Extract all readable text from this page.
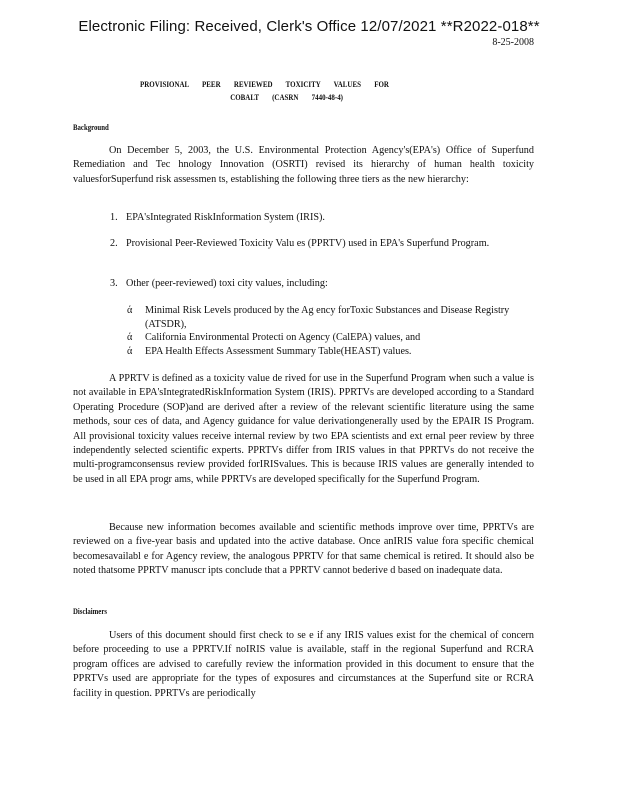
Electronic Filing: Received, Clerk's Office 12/07/2021 **R2022-018**
8-25-2008
PROVISIONAL PEER REVIEWED TOXICITY VALUES FOR
COBALT (CASRN 7440-48-4)
Background

On December 5, 2003, the U.S. Environmental Protection Agency's(EPA's) Office of Superfund Remediation and Tec hnology Innovation (OSRTI) revised its hierarchy of human health toxicity valuesforSuperfund risk assessmen ts, establishing the following three tiers as the new hierarchy:

1. EPA'sIntegrated RiskInformation System (IRIS).
2. Provisional Peer-Reviewed Toxicity Valu es (PPRTV) used in EPA's Superfund Program.
3. Other (peer-reviewed) toxi city values, including:
ά Minimal Risk Levels produced by the Ag ency forToxic Substances and Disease Registry (ATSDR),
ά California Environmental Protecti on Agency (CalEPA) values, and
ά EPA Health Effects Assessment Summary Table(HEAST) values.

A PPRTV is defined as a toxicity value de rived for use in the Superfund Program when such a value is not available in EPA'sIntegratedRiskInformation System (IRIS). PPRTVs are developed according to a Standard Operating Procedure (SOP)and are derived after a review of the relevant scientific literature using the same methods, sour ces of data, and Agency guidance for value derivationgenerally used by the EPAIR IS Program. All provisional toxicity values receive internal review by two EPA scientists and ext ernal peer review by three independently selected scientific experts. PPRTVs differ from IRIS values in that PPRTVs do not receive the multi-programconsensus review provided forIRISvalues. This is because IRIS values are generally intended to be used in all EPA progr ams, while PPRTVs are developed specifically for the Superfund Program.

Because new information becomes available and scientific methods improve over time, PPRTVs are reviewed on a five-year basis and updated into the active database. Once anIRIS value fora specific chemical becomesavailabl e for Agency review, the analogous PPRTV for that same chemical is retired. It should also be noted thatsome PPRTV manuscr ipts conclude that a PPRTV cannot bederive d based on inadequate data.

Disclaimers

Users of this document should first check to se e if any IRIS values exist for the chemical of concern before proceeding to use a PPRTV.If noIRIS value is available, staff in the regional Superfund and RCRA program offices are advised to carefully review the information provided in this document to ensure that the PPRTVs used are appropriate for the types of exposures and circumstances at the Superfund site or RCRA facility in question. PPRTVs are periodically
